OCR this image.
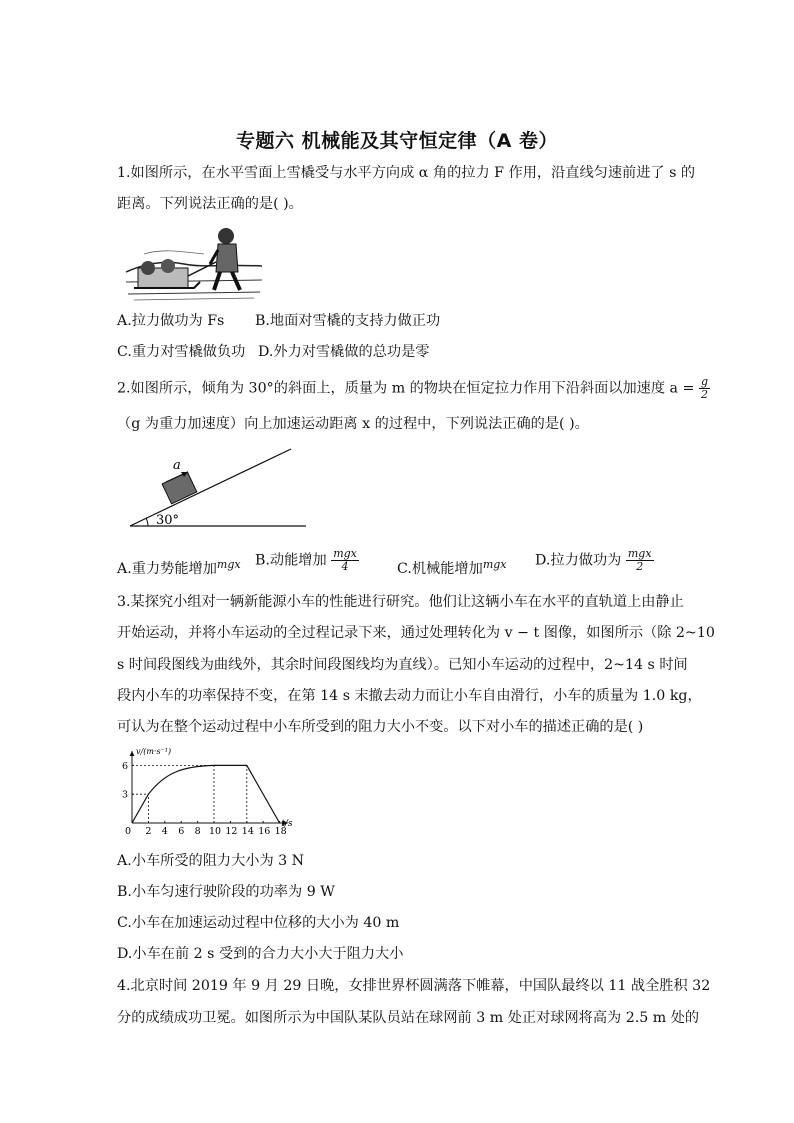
专题六 机械能及其守恒定律（A 卷）
1.如图所示，在水平雪面上雪橇受与水平方向成 α 角的拉力 F 作用，沿直线匀速前进了 s 的
距离。下列说法正确的是( )。
A.拉力做功为 Fs B.地面对雪橇的支持力做正功
C.重力对雪橇做负功 D.外力对雪橇做的总功是零
2.如图所示，倾角为 30°的斜面上，质量为 m 的物块在恒定拉力作用下沿斜面以加速度 $a = \frac{g}{2}$
（g 为重力加速度）向上加速运动距离 x 的过程中，下列说法正确的是( )。
30°
a
A.重力势能增加$^{mgx}$ B.动能增加 $\frac{\text{mgx}}{4}$	C.机械能增加$^{mgx}$ D.拉力做功为 $\frac{\text{mgx}}{2}$
3.某探究小组对一辆新能源小车的性能进行研究。他们让这辆小车在水平的直轨道上由静止
开始运动，并将小车运动的全过程记录下来，通过处理转化为 v − t 图像，如图所示（除 2~10
s 时间段图线为曲线外，其余时间段图线均为直线）。已知小车运动的过程中，2~14 s 时间
段内小车的功率保持不变，在第 14 s 末撤去动力而让小车自由滑行，小车的质量为 1.0 kg，
可认为在整个运动过程中小车所受到的阻力大小不变。以下对小车的描述正确的是( )
v/(m·s⁻¹)
t/s
0 2 4 6 8 10 12 14 16 18
3
6
A.小车所受的阻力大小为 3 N
B.小车匀速行驶阶段的功率为 9 W
C.小车在加速运动过程中位移的大小为 40 m
D.小车在前 2 s 受到的合力大小大于阻力大小
4.北京时间 2019 年 9 月 29 日晚，女排世界杯圆满落下帷幕，中国队最终以 11 战全胜积 32
分的成绩成功卫冕。如图所示为中国队某队员站在球网前 3 m 处正对球网将高为 2.5 m 处的
